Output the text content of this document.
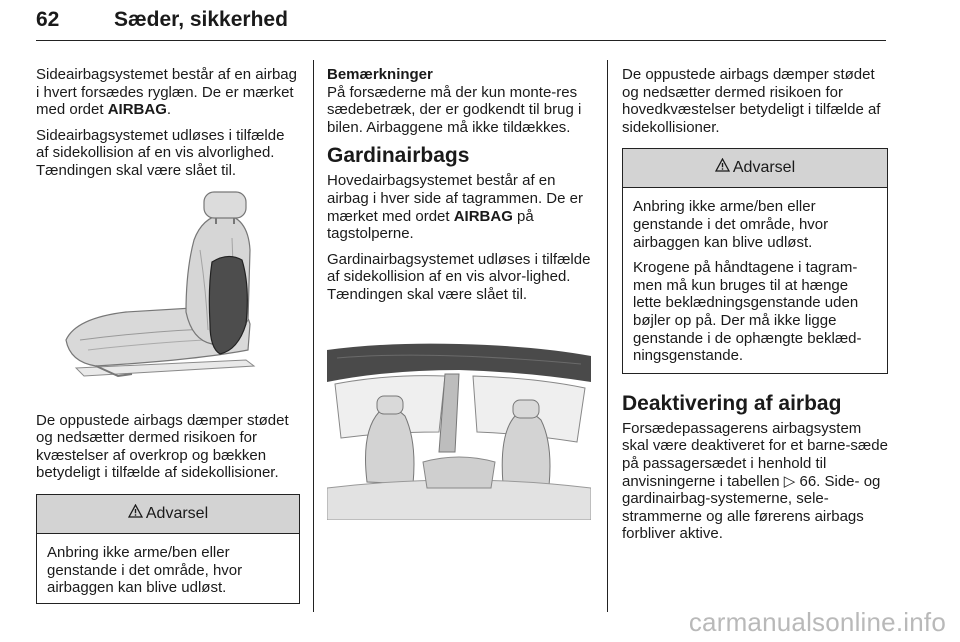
62	Sæder, sikkerhed

Sideairbagsystemet består af en airbag i hvert forsædes ryglæn. De er mærket med ordet AIRBAG.

Sideairbagsystemet udløses i tilfælde af sidekollision af en vis alvorlighed. Tændingen skal være slået til.

De oppustede airbags dæmper stødet og nedsætter dermed risikoen for kvæstelser af overkrop og bækken betydeligt i tilfælde af sidekollisioner.

Advarsel
Anbring ikke arme/ben eller genstande i det område, hvor airbaggen kan blive udløst.

Bemærkninger

På forsæderne må der kun monte-res sædebetræk, der er godkendt til brug i bilen. Airbaggene må ikke tildækkes.

Gardinairbags

Hovedairbagsystemet består af en airbag i hver side af tagrammen. De er mærket med ordet AIRBAG på tagstolperne.

Gardinairbagsystemet udløses i tilfælde af sidekollision af en vis alvor-lighed. Tændingen skal være slået til.

De oppustede airbags dæmper stødet og nedsætter dermed risikoen for hovedkvæstelser betydeligt i tilfælde af sidekollisioner.

Advarsel

Anbring ikke arme/ben eller genstande i det område, hvor airbaggen kan blive udløst.

Krogene på håndtagene i tagram-men må kun bruges til at hænge lette beklædningsgenstande uden bøjler op på. Der må ikke ligge genstande i de ophængte beklæd-ningsgenstande.

Deaktivering af airbag

Forsædepassagerens airbagsystem skal være deaktiveret for et barne-sæde på passagersædet i henhold til anvisningerne i tabellen ▷ 66. Side- og gardinairbag-systemerne, sele-strammerne og alle førerens airbags forbliver aktive.

carmanualsonline.info
